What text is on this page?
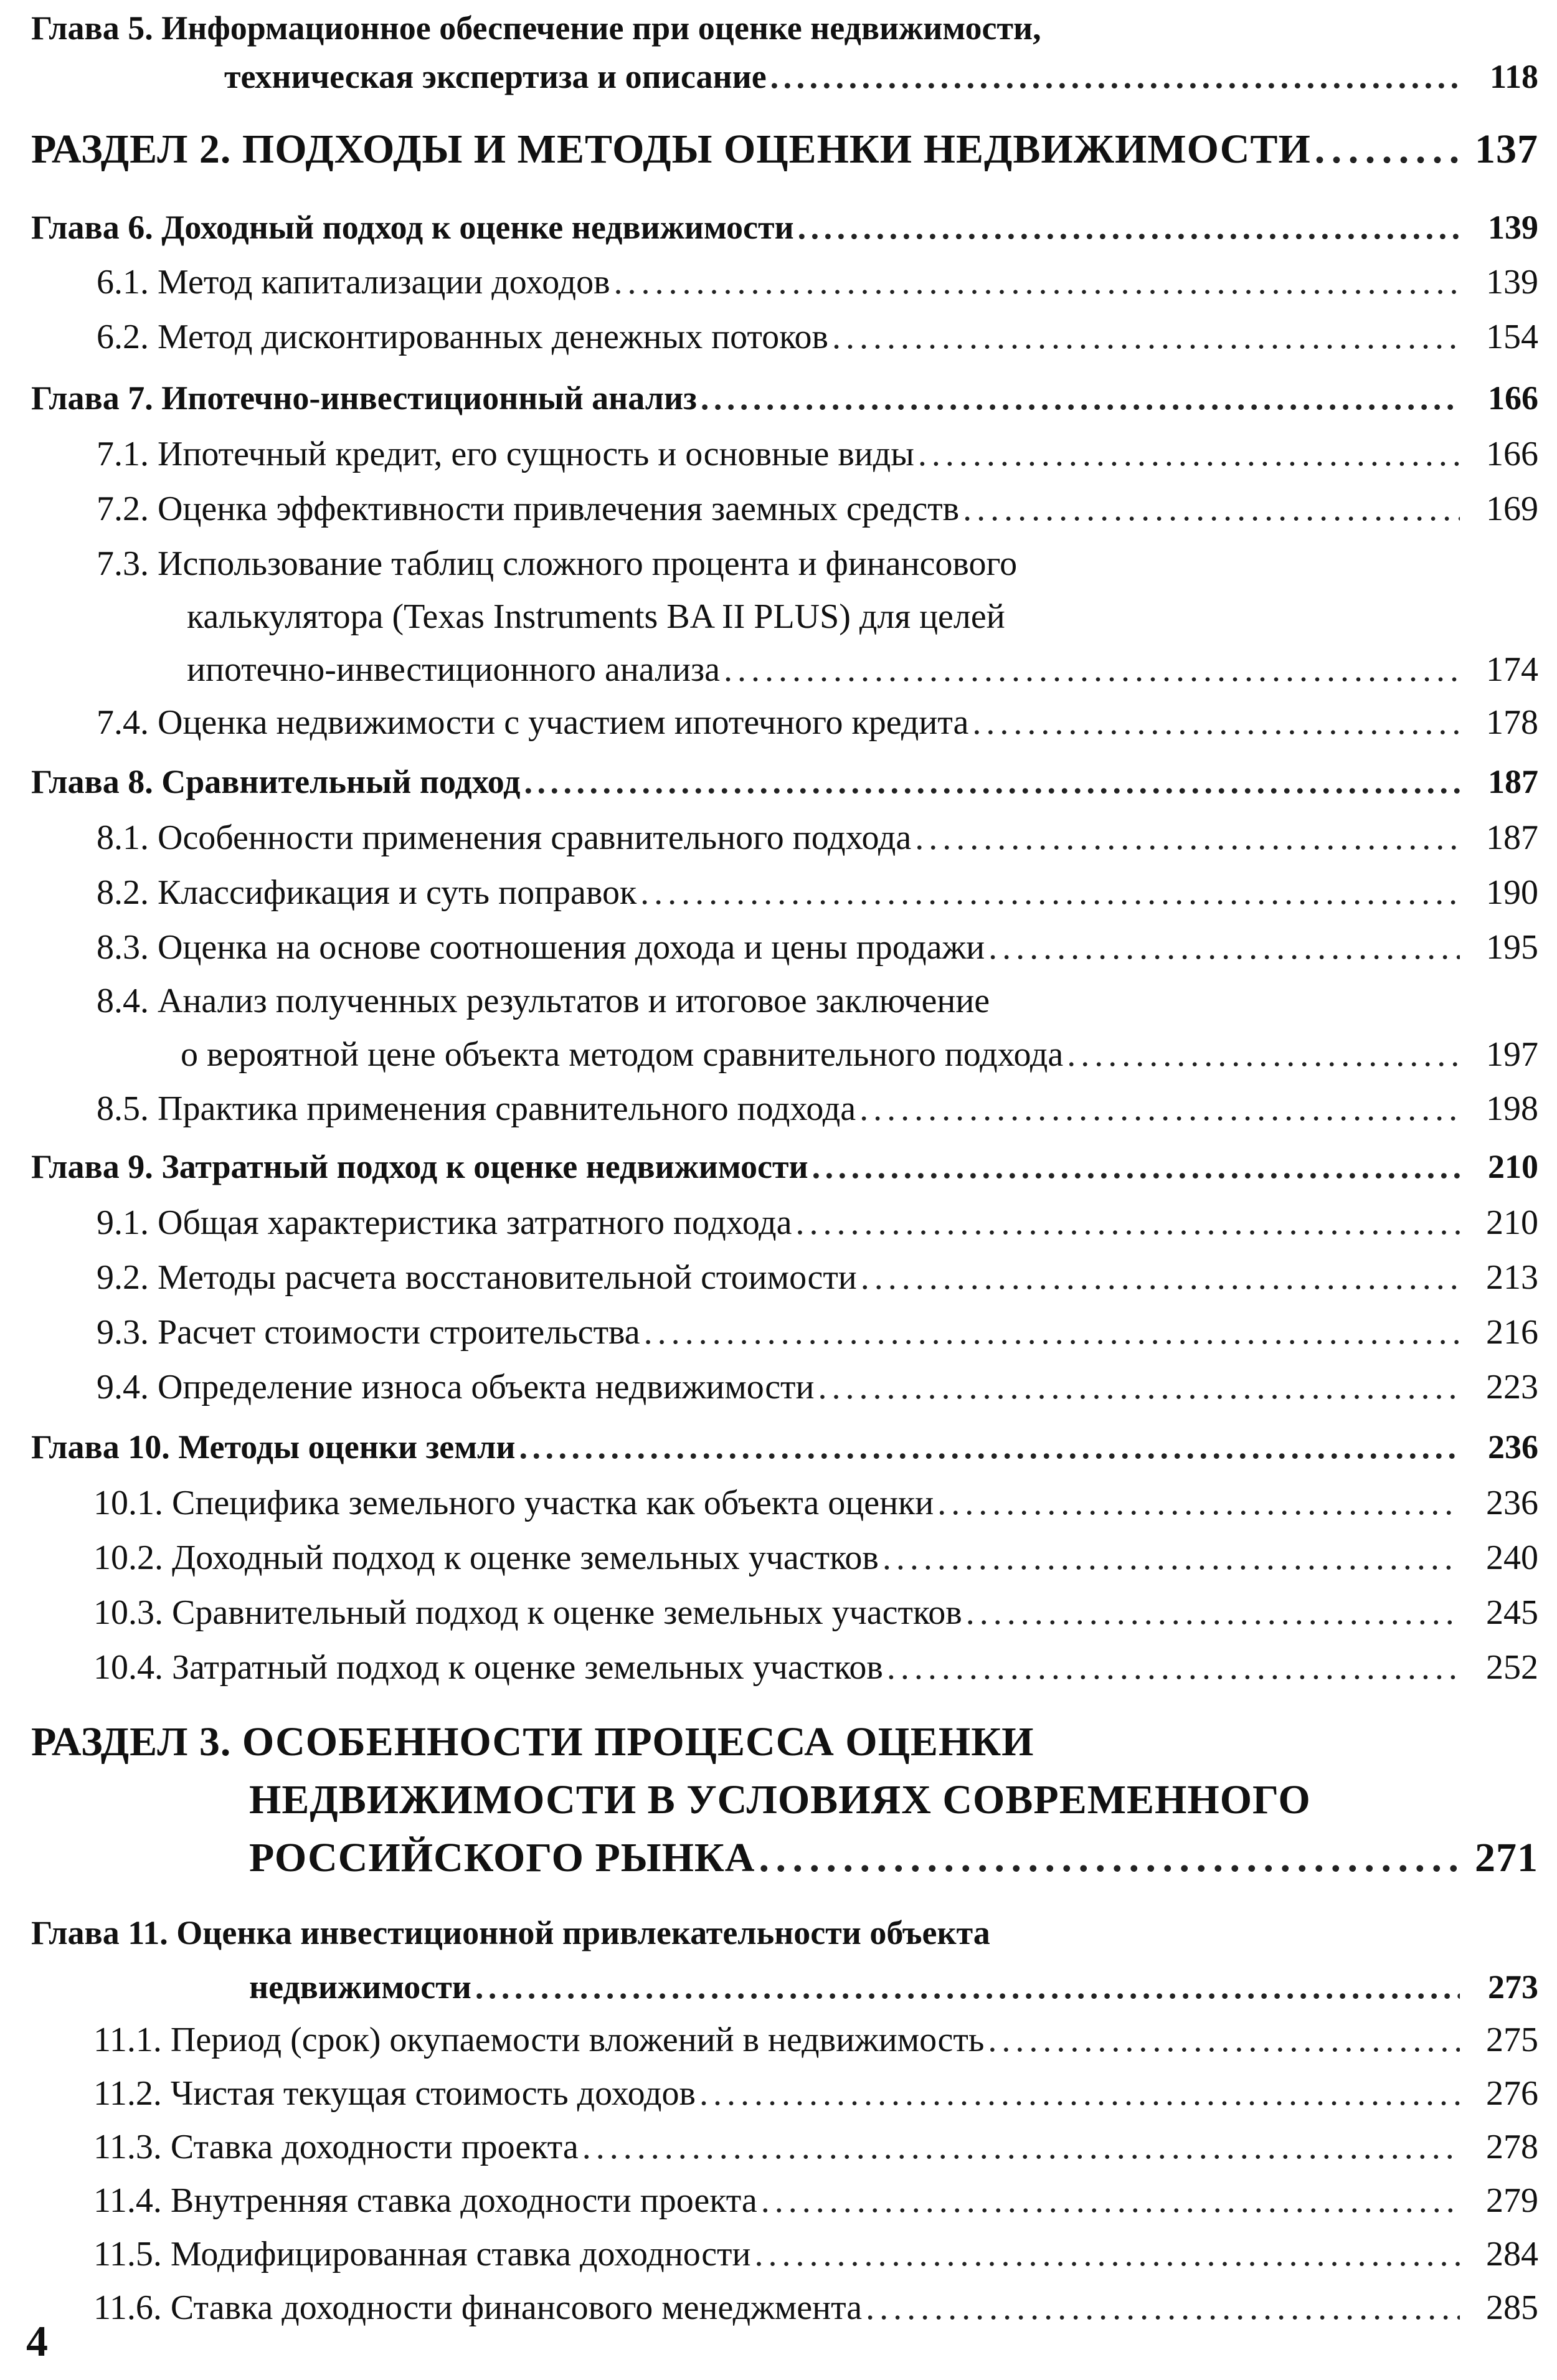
Глава 5. Информационное обеспечение при оценке недвижимости,
техническая экспертиза и описание . . .	118
РАЗДЕЛ 2. ПОДХОДЫ И МЕТОДЫ ОЦЕНКИ НЕДВИЖИМОСТИ . . .	137
Глава 6. Доходный подход к оценке недвижимости . . .	139
6.1. Метод капитализации доходов . . .	139
6.2. Метод дисконтированных денежных потоков . . .	154
Глава 7. Ипотечно-инвестиционный анализ . . .	166
7.1. Ипотечный кредит, его сущность и основные виды . . .	166
7.2. Оценка эффективности привлечения заемных средств . . .	169
7.3. Использование таблиц сложного процента и финансового
калькулятора (Texas Instruments BA II PLUS) для целей
ипотечно-инвестиционного анализа . . .	174
7.4. Оценка недвижимости с участием ипотечного кредита . . .	178
Глава 8. Сравнительный подход . . .	187
8.1. Особенности применения сравнительного подхода . . .	187
8.2. Классификация и суть поправок . . .	190
8.3. Оценка на основе соотношения дохода и цены продажи . . .	195
8.4. Анализ полученных результатов и итоговое заключение
о вероятной цене объекта методом сравнительного подхода . . .	197
8.5. Практика применения сравнительного подхода . . .	198
Глава 9. Затратный подход к оценке недвижимости . . .	210
9.1. Общая характеристика затратного подхода . . .	210
9.2. Методы расчета восстановительной стоимости . . .	213
9.3. Расчет стоимости строительства . . .	216
9.4. Определение износа объекта недвижимости . . .	223
Глава 10. Методы оценки земли . . .	236
10.1. Специфика земельного участка как объекта оценки . . .	236
10.2. Доходный подход к оценке земельных участков . . .	240
10.3. Сравнительный подход к оценке земельных участков . . .	245
10.4. Затратный подход к оценке земельных участков . . .	252
РАЗДЕЛ 3. ОСОБЕННОСТИ ПРОЦЕССА ОЦЕНКИ
НЕДВИЖИМОСТИ В УСЛОВИЯХ СОВРЕМЕННОГО
РОССИЙСКОГО РЫНКА . . .	271
Глава 11. Оценка инвестиционной привлекательности объекта
недвижимости . . .	273
11.1. Период (срок) окупаемости вложений в недвижимость . . .	275
11.2. Чистая текущая стоимость доходов . . .	276
11.3. Ставка доходности проекта . . .	278
11.4. Внутренняя ставка доходности проекта . . .	279
11.5. Модифицированная ставка доходности . . .	284
11.6. Ставка доходности финансового менеджмента . . .	285
4
